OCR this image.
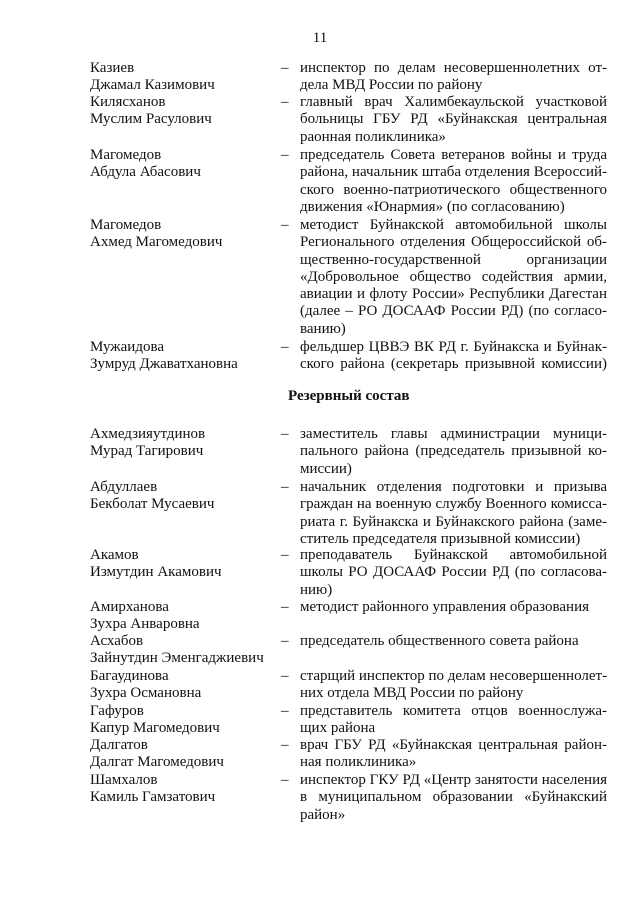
11
Казиев
Джамал Казимович
– инспектор по делам несовершеннолетних от-
дела МВД России по району
Килясханов
Муслим Расулович
– главный врач Халимбекаульской участковой
больницы ГБУ РД «Буйнакская центральная
раонная поликлиника»
Магомедов
Абдула Абасович
– председатель Совета ветеранов войны и труда
района, начальник штаба отделения Всероссий-
ского военно-патриотического общественного
движения «Юнармия» (по согласованию)
Магомедов
Ахмед Магомедович
– методист Буйнакской автомобильной школы
Регионального отделения Общероссийской об-
щественно-государственной организации
«Добровольное общество содействия армии,
авиации и флоту России» Республики Дагестан
(далее – РО ДОСААФ России РД) (по согласо-
ванию)
Мужаидова
Зумруд Джаватхановна
– фельдшер ЦВВЭ ВК РД г. Буйнакска и Буйнак-
ского района (секретарь призывной комиссии)
Резервный состав
Ахмедзияутдинов
Мурад Тагирович
– заместитель главы администрации муници-
пального района (председатель призывной ко-
миссии)
Абдуллаев
Бекболат Мусаевич
– начальник отделения подготовки и призыва
граждан на военную службу Военного комисса-
риата г. Буйнакска и Буйнакского района (заме-
ститель председателя призывной комиссии)
Акамов
Измутдин Акамович
– преподаватель Буйнакской автомобильной
школы РО ДОСААФ России РД (по согласова-
нию)
Амирханова
Зухра Анваровна
– методист районного управления образования
Асхабов
Зайнутдин Эменгаджиевич
– председатель общественного совета района
Багаудинова
Зухра Османовна
– старщий инспектор по делам несовершеннолет-
них отдела МВД России по району
Гафуров
Капур Магомедович
– представитель комитета отцов военнослужа-
щих района
Далгатов
Далгат Магомедович
– врач ГБУ РД «Буйнакская центральная район-
ная поликлиника»
Шамхалов
Камиль Гамзатович
– инспектор ГКУ РД «Центр занятости населения
в муниципальном образовании «Буйнакский
район»
